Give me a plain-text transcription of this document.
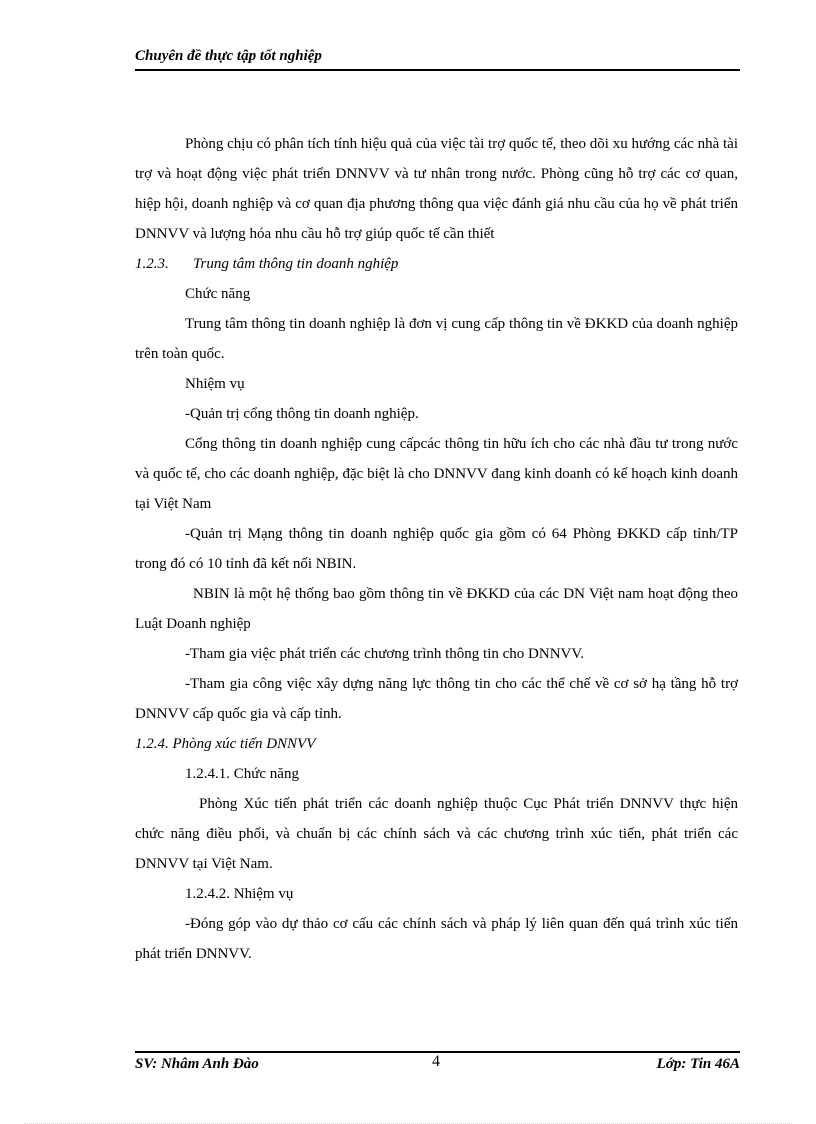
Chuyên đề thực tập tốt nghiệp

Phòng chịu có phân tích tính hiệu quả của việc tài trợ quốc tế, theo dõi xu hướng các nhà tài trợ và hoạt động việc phát triển DNNVV và tư nhân trong nước. Phòng cũng hỗ trợ các cơ quan, hiệp hội, doanh nghiệp và cơ quan địa phương thông qua việc đánh giá nhu cầu của họ về phát triển DNNVV và lượng hóa nhu cầu hỗ trợ giúp quốc tế cần thiết

1.2.3. Trung tâm thông tin doanh nghiệp

Chức năng

Trung tâm thông tin doanh nghiệp là đơn vị cung cấp thông tin về ĐKKD của doanh nghiệp trên toàn quốc.

Nhiệm vụ

-Quản trị cổng thông tin doanh nghiệp.

Cổng thông tin doanh nghiệp cung cấpcác thông tin hữu ích cho các nhà đầu tư trong nước và quốc tế, cho các doanh nghiệp, đặc biệt là cho DNNVV đang kinh doanh có kế hoạch kinh doanh tại Việt Nam

-Quản trị Mạng thông tin doanh nghiệp quốc gia gồm có 64 Phòng ĐKKD cấp tỉnh/TP trong đó có 10 tỉnh đã kết nối NBIN.

NBIN là một hệ thống bao gồm thông tin về ĐKKD của các DN Việt nam hoạt động theo Luật Doanh nghiệp

-Tham gia việc phát triển các chương trình thông tin cho DNNVV.

-Tham gia công việc xây dựng năng lực thông tin cho các thể chế về cơ sở hạ tầng hỗ trợ DNNVV cấp quốc gia và cấp tỉnh.

1.2.4. Phòng xúc tiến DNNVV

1.2.4.1. Chức năng

Phòng Xúc tiến phát triển các doanh nghiệp thuộc Cục Phát triển DNNVV thực hiện chức năng điều phối, và chuẩn bị các chính sách và các chương trình xúc tiến, phát triển các DNNVV tại Việt Nam.

1.2.4.2. Nhiệm vụ

-Đóng góp vào dự thảo cơ cấu các chính sách và pháp lý liên quan đến quá trình xúc tiến phát triển DNNVV.

SV: Nhâm Anh Đào	4	Lớp: Tin 46A
